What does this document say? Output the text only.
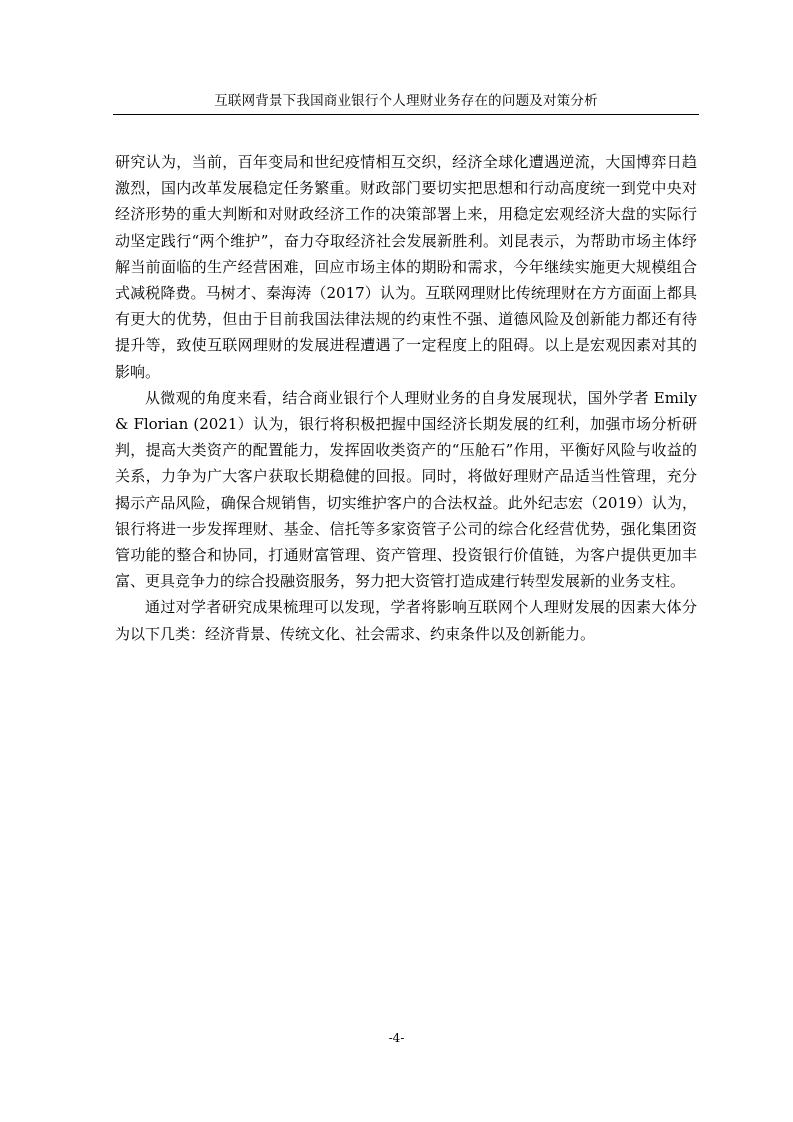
互联网背景下我国商业银行个人理财业务存在的问题及对策分析

研究认为，当前，百年变局和世纪疫情相互交织，经济全球化遭遇逆流，大国博弈日趋激烈，国内改革发展稳定任务繁重。财政部门要切实把思想和行动高度统一到党中央对经济形势的重大判断和对财政经济工作的决策部署上来，用稳定宏观经济大盘的实际行动坚定践行“两个维护”，奋力夺取经济社会发展新胜利。刘昆表示，为帮助市场主体纾解当前面临的生产经营困难，回应市场主体的期盼和需求，今年继续实施更大规模组合式减税降费。马树才、秦海涛（2017）认为。互联网理财比传统理财在方方面面上都具有更大的优势，但由于目前我国法律法规的约束性不强、道德风险及创新能力都还有待提升等，致使互联网理财的发展进程遭遇了一定程度上的阻碍。以上是宏观因素对其的影响。

从微观的角度来看，结合商业银行个人理财业务的自身发展现状，国外学者 Emily & Florian (2021）认为，银行将积极把握中国经济长期发展的红利，加强市场分析研判，提高大类资产的配置能力，发挥固收类资产的“压舱石”作用，平衡好风险与收益的关系，力争为广大客户获取长期稳健的回报。同时，将做好理财产品适当性管理，充分揭示产品风险，确保合规销售，切实维护客户的合法权益。此外纪志宏（2019）认为，银行将进一步发挥理财、基金、信托等多家资管子公司的综合化经营优势，强化集团资管功能的整合和协同，打通财富管理、资产管理、投资银行价值链，为客户提供更加丰富、更具竞争力的综合投融资服务，努力把大资管打造成建行转型发展新的业务支柱。

通过对学者研究成果梳理可以发现，学者将影响互联网个人理财发展的因素大体分为以下几类：经济背景、传统文化、社会需求、约束条件以及创新能力。

-4-
